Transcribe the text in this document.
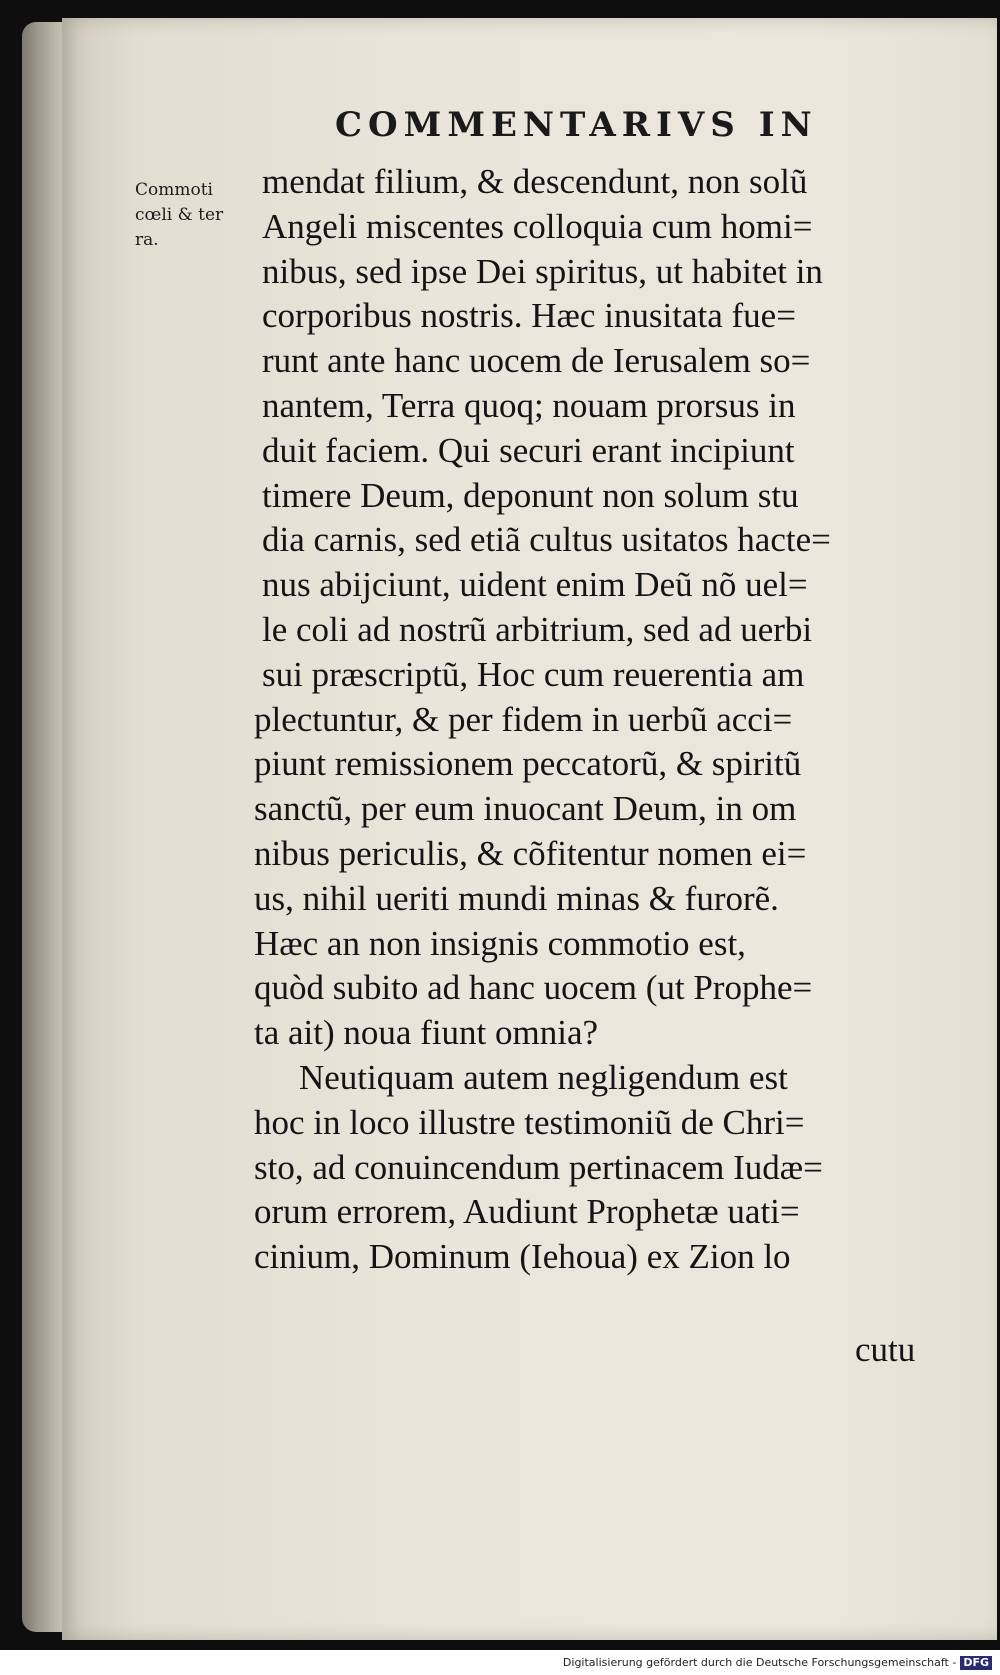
COMMENTARIVS IN
Commoti
cœli & ter
ra.
mendat filium, & descendunt, non solũ
Angeli miscentes colloquia cum homi=
nibus, sed ipse Dei spiritus, ut habitet in
corporibus nostris. Hæc inusitata fue=
runt ante hanc uocem de Ierusalem so=
nantem, Terra quoq; nouam prorsus in
duit faciem. Qui securi erant incipiunt
timere Deum, deponunt non solum stu
dia carnis, sed etiã cultus usitatos hacte=
nus abijciunt, uident enim Deũ nõ uel=
le coli ad nostrũ arbitrium, sed ad uerbi
sui præscriptũ, Hoc cum reuerentia am
plectuntur, & per fidem in uerbũ acci=
piunt remissionem peccatorũ, & spiritũ
sanctũ, per eum inuocant Deum, in om
nibus periculis, & cõfitentur nomen ei=
us, nihil ueriti mundi minas & furorẽ.
Hæc an non insignis commotio est,
quòd subito ad hanc uocem (ut Prophe=
ta ait) noua fiunt omnia?
Neutiquam autem negligendum est
hoc in loco illustre testimoniũ de Chri=
sto, ad conuincendum pertinacem Iudæ=
orum errorem, Audiunt Prophetæ uati=
cinium, Dominum (Iehoua) ex Zion lo
cutu
Digitalisierung gefördert durch die Deutsche Forschungsgemeinschaft - DFG
